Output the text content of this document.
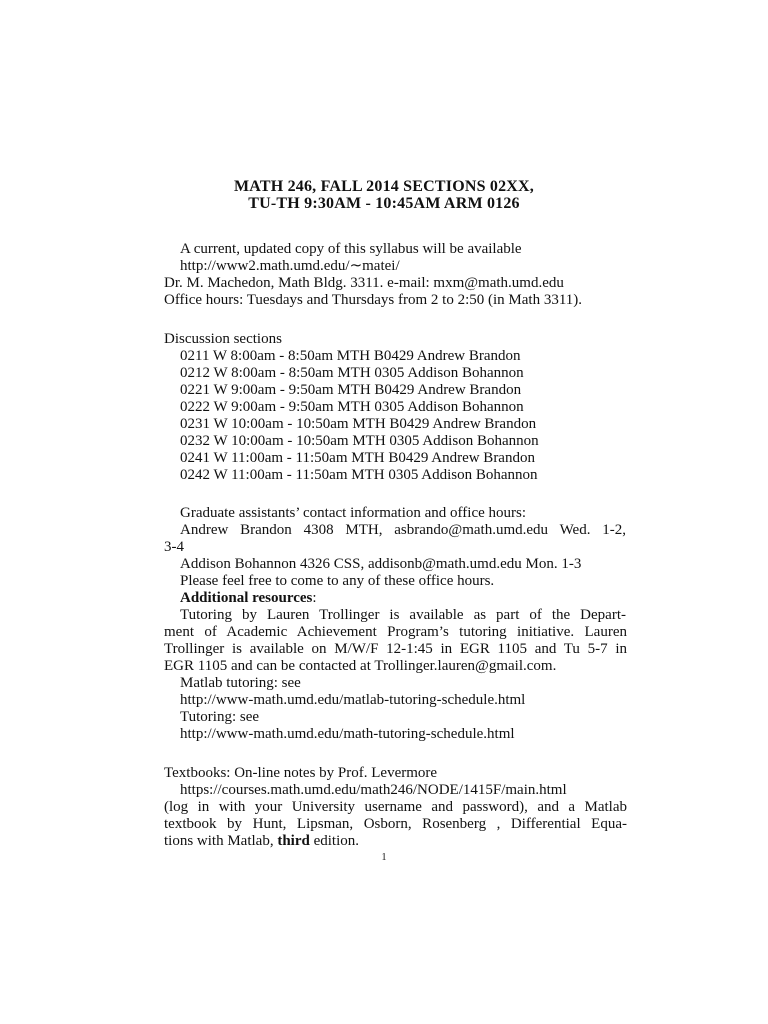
MATH 246, FALL 2014 SECTIONS 02XX,
TU-TH 9:30AM - 10:45AM ARM 0126
A current, updated copy of this syllabus will be available
http://www2.math.umd.edu/∼matei/
Dr. M. Machedon, Math Bldg. 3311. e-mail: mxm@math.umd.edu
Office hours: Tuesdays and Thursdays from 2 to 2:50 (in Math 3311).
Discussion sections
0211 W 8:00am - 8:50am MTH B0429 Andrew Brandon
0212 W 8:00am - 8:50am MTH 0305 Addison Bohannon
0221 W 9:00am - 9:50am MTH B0429 Andrew Brandon
0222 W 9:00am - 9:50am MTH 0305 Addison Bohannon
0231 W 10:00am - 10:50am MTH B0429 Andrew Brandon
0232 W 10:00am - 10:50am MTH 0305 Addison Bohannon
0241 W 11:00am - 11:50am MTH B0429 Andrew Brandon
0242 W 11:00am - 11:50am MTH 0305 Addison Bohannon
Graduate assistants’ contact information and office hours:
Andrew Brandon 4308 MTH, asbrando@math.umd.edu Wed. 1-2,
3-4
Addison Bohannon 4326 CSS, addisonb@math.umd.edu Mon. 1-3
Please feel free to come to any of these office hours.
Additional resources:
Tutoring by Lauren Trollinger is available as part of the Depart-
ment of Academic Achievement Program’s tutoring initiative. Lauren
Trollinger is available on M/W/F 12-1:45 in EGR 1105 and Tu 5-7 in
EGR 1105 and can be contacted at Trollinger.lauren@gmail.com.
Matlab tutoring: see
http://www-math.umd.edu/matlab-tutoring-schedule.html
Tutoring: see
http://www-math.umd.edu/math-tutoring-schedule.html
Textbooks: On-line notes by Prof. Levermore
https://courses.math.umd.edu/math246/NODE/1415F/main.html
(log in with your University username and password), and a Matlab
textbook by Hunt, Lipsman, Osborn, Rosenberg , Differential Equa-
tions with Matlab, third edition.
1
